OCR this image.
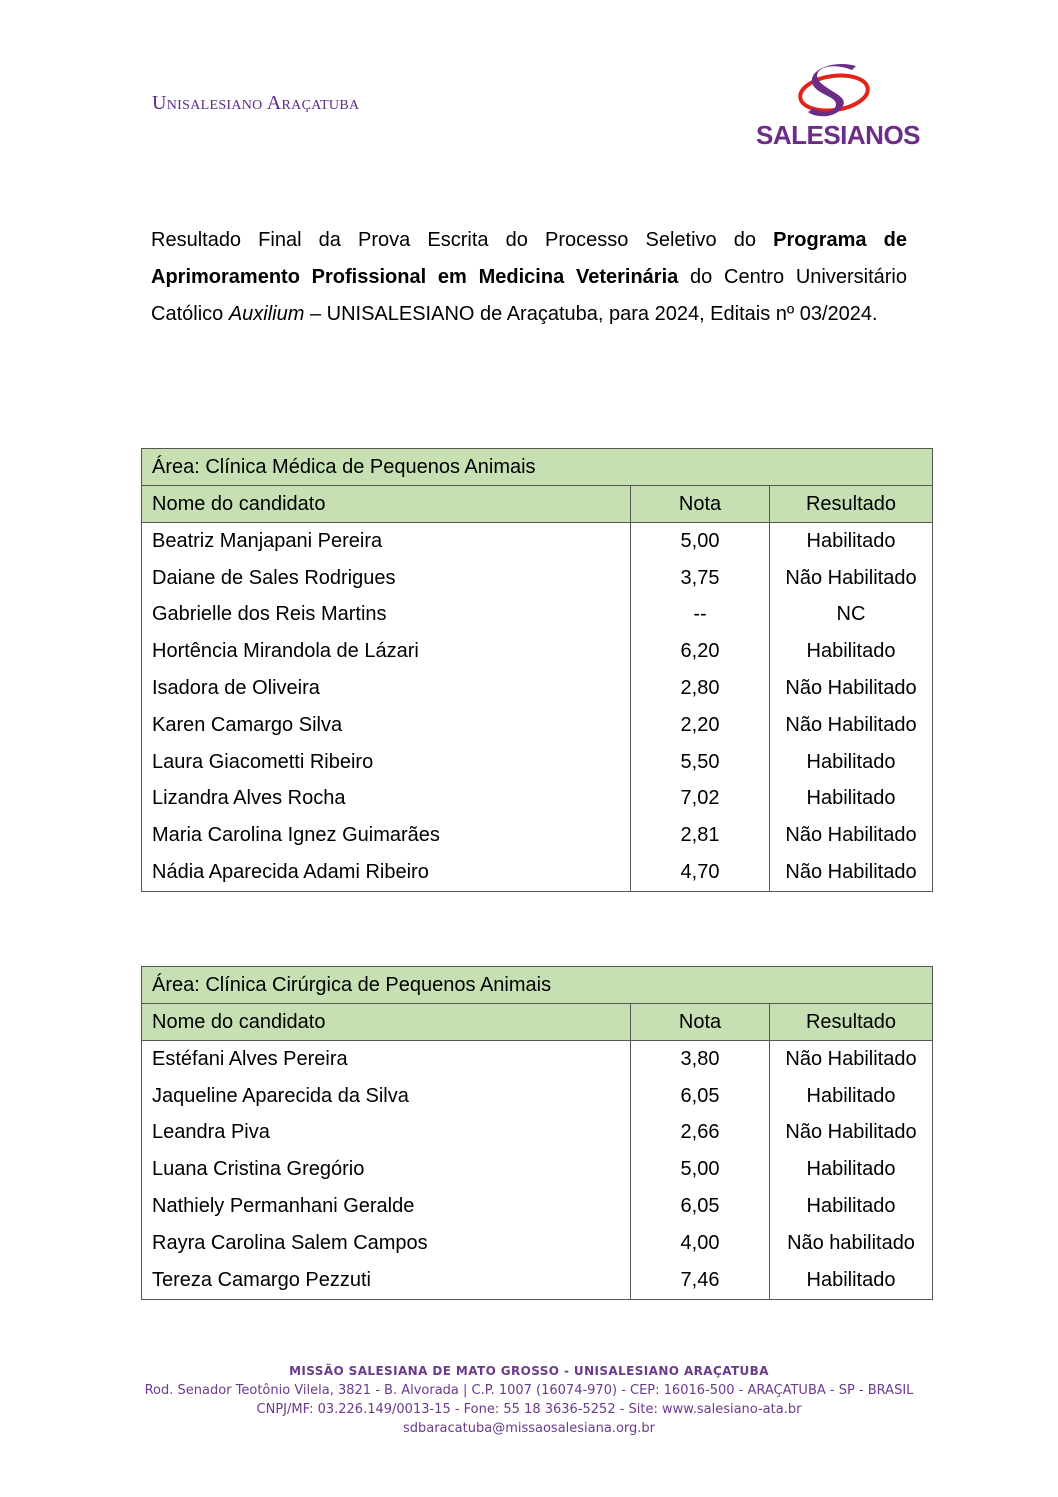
Unisalesiano Araçatuba
SALESIANOS
Resultado Final da Prova Escrita do Processo Seletivo do Programa de Aprimoramento Profissional em Medicina Veterinária do Centro Universitário Católico Auxilium – UNISALESIANO de Araçatuba, para 2024, Editais nº 03/2024.
Área: Clínica Médica de Pequenos Animais		
Nome do candidato	Nota	Resultado
Beatriz Manjapani Pereira	5,00	Habilitado
Daiane de Sales Rodrigues	3,75	Não Habilitado
Gabrielle dos Reis Martins	--	NC
Hortência Mirandola de Lázari	6,20	Habilitado
Isadora de Oliveira	2,80	Não Habilitado
Karen Camargo Silva	2,20	Não Habilitado
Laura Giacometti Ribeiro	5,50	Habilitado
Lizandra Alves Rocha	7,02	Habilitado
Maria Carolina Ignez Guimarães	2,81	Não Habilitado
Nádia Aparecida Adami Ribeiro	4,70	Não Habilitado
Área: Clínica Cirúrgica de Pequenos Animais		
Nome do candidato	Nota	Resultado
Estéfani Alves Pereira	3,80	Não Habilitado
Jaqueline Aparecida da Silva	6,05	Habilitado
Leandra Piva	2,66	Não Habilitado
Luana Cristina Gregório	5,00	Habilitado
Nathiely Permanhani Geralde	6,05	Habilitado
Rayra Carolina Salem Campos	4,00	Não habilitado
Tereza Camargo Pezzuti	7,46	Habilitado
MISSÃO SALESIANA DE MATO GROSSO - UNISALESIANO ARAÇATUBA
Rod. Senador Teotônio Vilela, 3821 - B. Alvorada | C.P. 1007 (16074-970) - CEP: 16016-500 - ARAÇATUBA - SP - BRASIL
CNPJ/MF: 03.226.149/0013-15 - Fone: 55 18 3636-5252 - Site: www.salesiano-ata.br
sdbaracatuba@missaosalesiana.org.br
